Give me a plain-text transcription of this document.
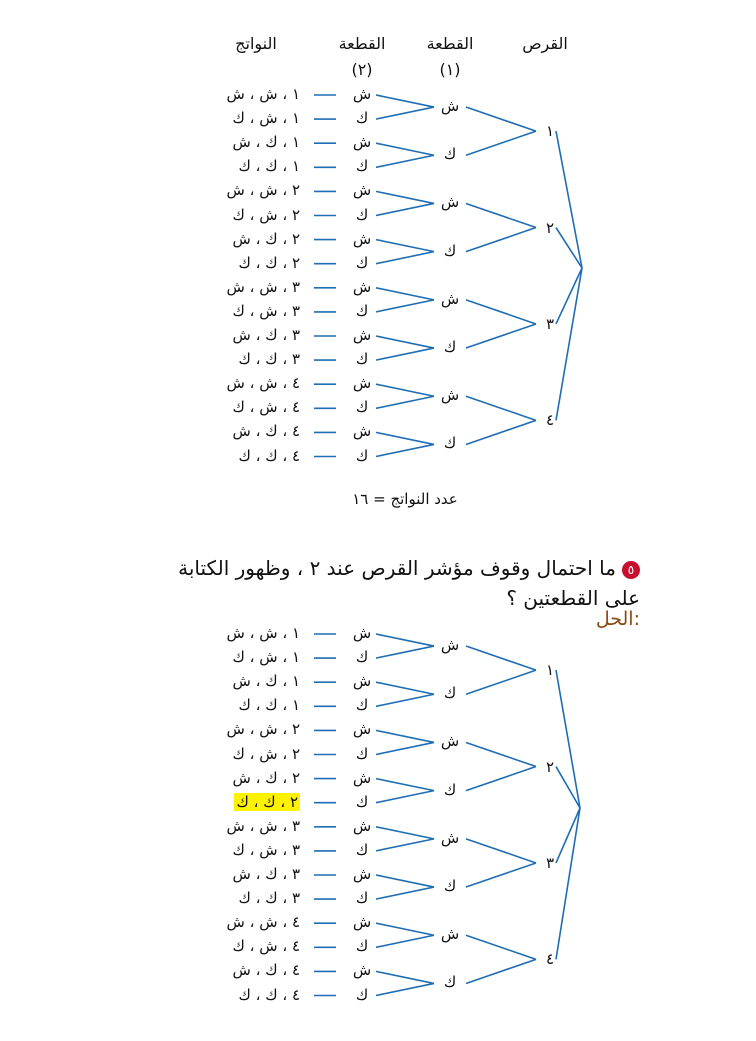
القرص
القطعة
(١)
القطعة
(٢)
النواتج
١
ش
ش
١ ، ش ، ش
ك
١ ، ش ، ك
ك
ش
١ ، ك ، ش
ك
١ ، ك ، ك
٢
ش
ش
٢ ، ش ، ش
ك
٢ ، ش ، ك
ك
ش
٢ ، ك ، ش
ك
٢ ، ك ، ك
٣
ش
ش
٣ ، ش ، ش
ك
٣ ، ش ، ك
ك
ش
٣ ، ك ، ش
ك
٣ ، ك ، ك
٤
ش
ش
٤ ، ش ، ش
ك
٤ ، ش ، ك
ك
ش
٤ ، ك ، ش
ك
٤ ، ك ، ك
عدد النواتج = ١٦
٥ما احتمال وقوف مؤشر القرص عند ٢ ، وظهور الكتابة
على القطعتين ؟
الحل:
١
ش
ش
١ ، ش ، ش
ك
١ ، ش ، ك
ك
ش
١ ، ك ، ش
ك
١ ، ك ، ك
٢
ش
ش
٢ ، ش ، ش
ك
٢ ، ش ، ك
ك
ش
٢ ، ك ، ش
ك
٢ ، ك ، ك
٣
ش
ش
٣ ، ش ، ش
ك
٣ ، ش ، ك
ك
ش
٣ ، ك ، ش
ك
٣ ، ك ، ك
٤
ش
ش
٤ ، ش ، ش
ك
٤ ، ش ، ك
ك
ش
٤ ، ك ، ش
ك
٤ ، ك ، ك
